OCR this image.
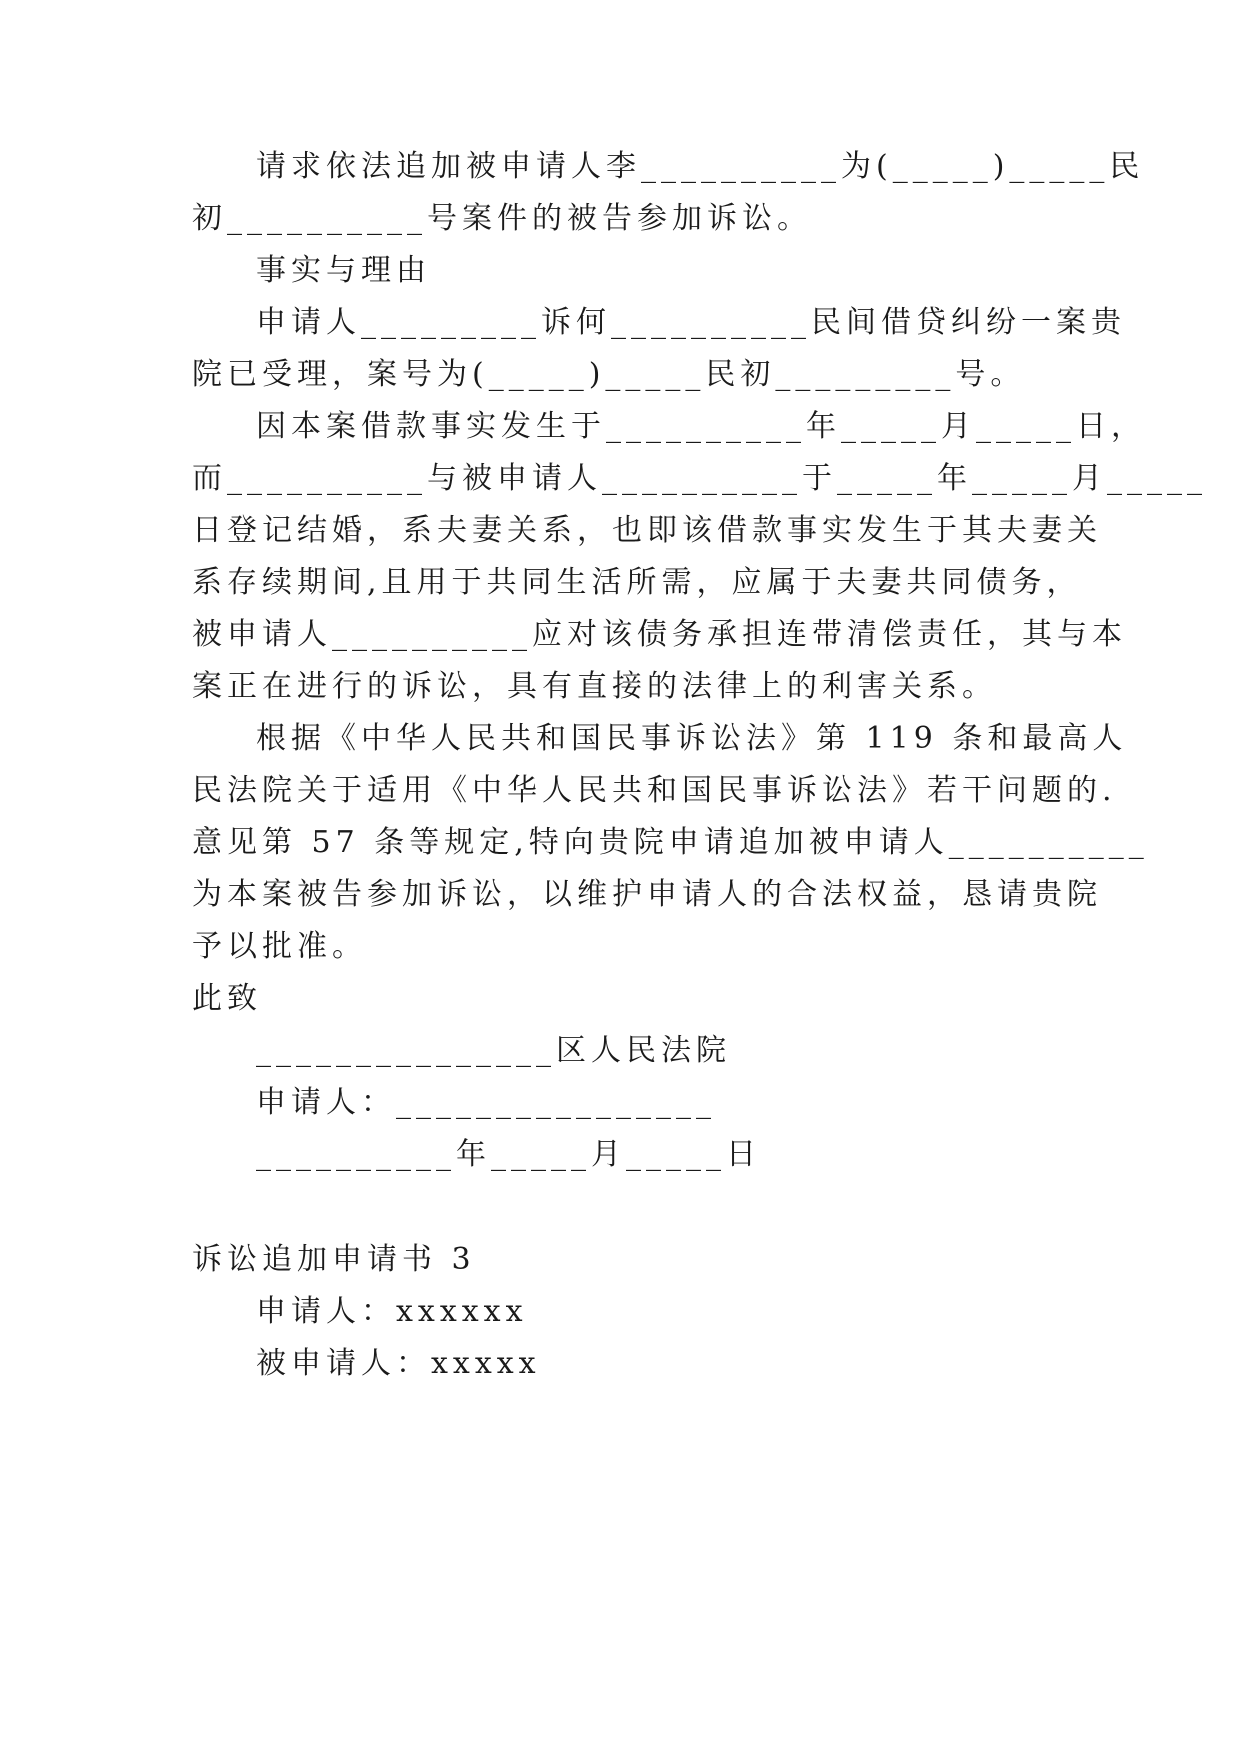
请求依法追加被申请人李__________为(_____)_____民
初__________号案件的被告参加诉讼。
事实与理由
申请人_________诉何__________民间借贷纠纷一案贵
院已受理，案号为(_____)_____民初_________号。
因本案借款事实发生于__________年_____月_____日，
而__________与被申请人__________于_____年_____月_____
日登记结婚，系夫妻关系，也即该借款事实发生于其夫妻关
系存续期间,且用于共同生活所需，应属于夫妻共同债务，
被申请人__________应对该债务承担连带清偿责任，其与本
案正在进行的诉讼，具有直接的法律上的利害关系。
根据《中华人民共和国民事诉讼法》第 119 条和最高人
民法院关于适用《中华人民共和国民事诉讼法》若干问题的.
意见第 57 条等规定,特向贵院申请追加被申请人__________
为本案被告参加诉讼，以维护申请人的合法权益，恳请贵院
予以批准。
此致
_______________区人民法院
申请人：________________
__________年_____月_____日
诉讼追加申请书 3
申请人：xxxxxx
被申请人：xxxxx
